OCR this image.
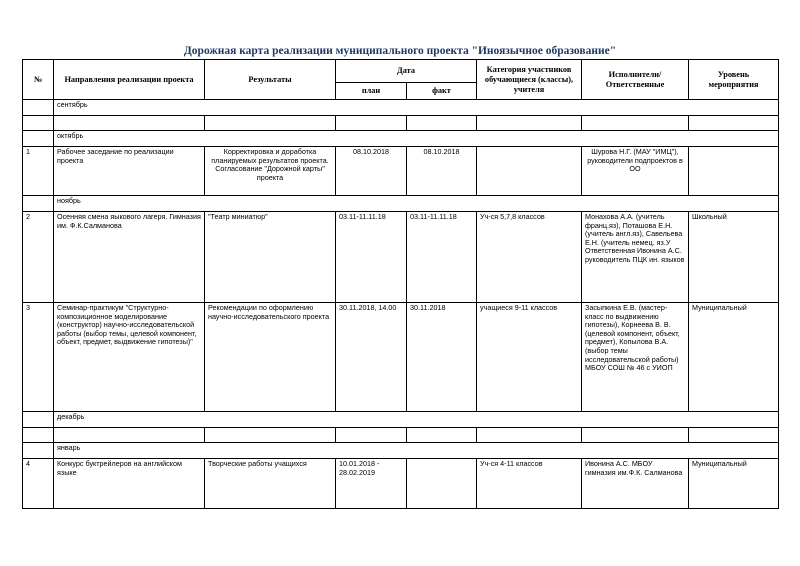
Дорожная карта реализации муниципального проекта "Иноязычное образование"
№	Направления реализации проекта	Результаты	Дата		Категория участников обучающиеся (классы), учителя	Исполнители/ Ответственные	Уровень мероприятия
			план	факт			
	сентябрь						

	октябрь						
1	Рабочее заседание по реализации проекта	Корректировка и доработка планируемых результатов проекта. Согласование "Дорожной карты" проекта	08.10.2018	08.10.2018		Шурова Н.Г. (МАУ "ИМЦ"), руководители подпроектов в ОО	
	ноябрь						
2	Осенняя смена яыкового лагеря. Гимназия им. Ф.К.Салманова	"Театр миниатюр"	03.11-11.11.18	03.11-11.11.18	Уч-ся 5,7,8 классов	Монахова А.А. (учитель франц.яз), Поташова Е.Н. (учитель англ.яз), Савельева Е.Н. (учитель немец. яз.У Ответственная Ивонина А.С. руководитель ПЦК ин. языков	Школьный
3	Семинар-практикум "Структурно-композиционное моделирование (конструктор) научно-исследовательской работы (выбор темы, целевой компонент, объект, предмет, выдвижение гипотезы)"	Рекомендации по оформлению научно-исследовательского проекта	30.11.2018, 14.00	30.11.2018	учащиеся 9-11 классов	Засыпкина Е.В. (мастер-класс по выдвижению гипотезы), Корнеева В. В. (целевой компонент, объект, предмет), Копылова В.А. (выбор темы исследовательской работы) МБОУ СОШ № 46 с УИОП	Муниципальный
	декабрь						

	январь						
4	Конкурс буктрейлеров на английском языке	Творческие работы учащихся	10.01.2018 - 28.02.2019		Уч-ся 4-11 классов	Ивонина А.С. МБОУ гимназия им.Ф.К. Салманова	Муниципальный
